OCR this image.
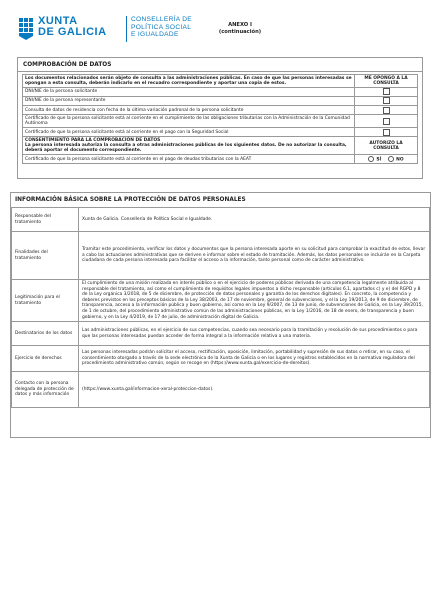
XUNTA
DE GALICIA
CONSELLERÍA DE
POLÍTICA SOCIAL
E IGUALDADE
ANEXO I
(continuación)
COMPROBACIÓN DE DATOS
Los documentos relacionados serán objeto de consulta a las administraciones públicas. En caso de que las personas interesadas se opongan a esta consulta, deberán indicarlo en el recuadro correspondiente y aportar una copia de estos.	ME OPONGO A LA CONSULTA
DNI/NIE de la persona solicitante	
DNI/NIE de la persona representante	
Consulta de datos de residencia con fecha de la última variación padronal de la persona solicitante	
Certificado de que la persona solicitante está al corriente en el cumplimiento de las obligaciones tributarias con la Administración de la Comunidad Autónoma	
Certificado de que la persona solicitante está al corriente en el pago con la Seguridad Social	

CONSENTIMIENTO PARA LA COMPROBACIÓN DE DATOS
La persona interesada autoriza la consulta a otras administraciones públicas de los siguientes datos. De no autorizar la consulta, deberá aportar el documento correspondiente.	AUTORIZO LA CONSULTA
Certificado de que la persona solicitante está al corriente en el pago de deudas tributarias con la AEAT	SÍ NO
INFORMACIÓN BÁSICA SOBRE LA PROTECCIÓN DE DATOS PERSONALES
Responsable del tratamiento	Xunta de Galicia. Consellería de Política Social e Igualdade.
Finalidades del tratamiento	Tramitar este procedimiento, verificar los datos y documentos que la persona interesada aporte en su solicitud para comprobar la exactitud de estos, llevar a cabo las actuaciones administrativas que se deriven e informar sobre el estado de tramitación. Además, los datos personales se incluirán en la Carpeta ciudadana de cada persona interesada para facilitar el acceso a la información, tanto personal como de carácter administrativo.
Legitimación para el tratamiento	El cumplimiento de una misión realizada en interés público o en el ejercicio de poderes públicos derivada de una competencia legalmente atribuida al responsable del tratamiento, así como el cumplimiento de requisitos legales impuestos a dicho responsable (artículos 6.1, apartados c) y e) del RGPD y 8 de la Ley orgánica 3/2018, de 5 de diciembre, de protección de datos personales y garantía de los derechos digitales). En concreto, la competencia y deberes previstos en los preceptos básicos de la Ley 38/2003, de 17 de noviembre, general de subvenciones, y el la Ley 19/2013, de 9 de diciembre, de transparencia, acceso a la información pública y buen gobierno, así como en la Ley 9/2007, de 13 de junio, de subvenciones de Galicia, en la Ley 39/2015, de 1 de octubre, del procedimiento administrativo común de las administraciones públicas, en la Ley 1/2016, de 18 de enero, de transparencia y buen gobierno, y en la Ley 4/2019, de 17 de julio, de administración digital de Galicia.
Destinatarios de los datos	Las administraciones públicas, en el ejercicio de sus competencias, cuando sea necesario para la tramitación y resolución de sus procedimientos o para que las personas interesadas puedan acceder de forma integral a la información relativa a una materia.
Ejercicio de derechos	Las personas interesadas podrán solicitar el acceso, rectificación, oposición, limitación, portabilidad y supresión de sus datos o retirar, en su caso, el consentimiento otorgado a través de la sede electrónica de la Xunta de Galicia o en los lugares y registros establecidos en la normativa reguladora del procedimiento administrativo común, según se recoge en (https://www.xunta.gal/exercicio-de-dereitos).
Contacto con la persona delegada de protección de datos y más información	(https://www.xunta.gal/informacion-xeral-proteccion-datos).
